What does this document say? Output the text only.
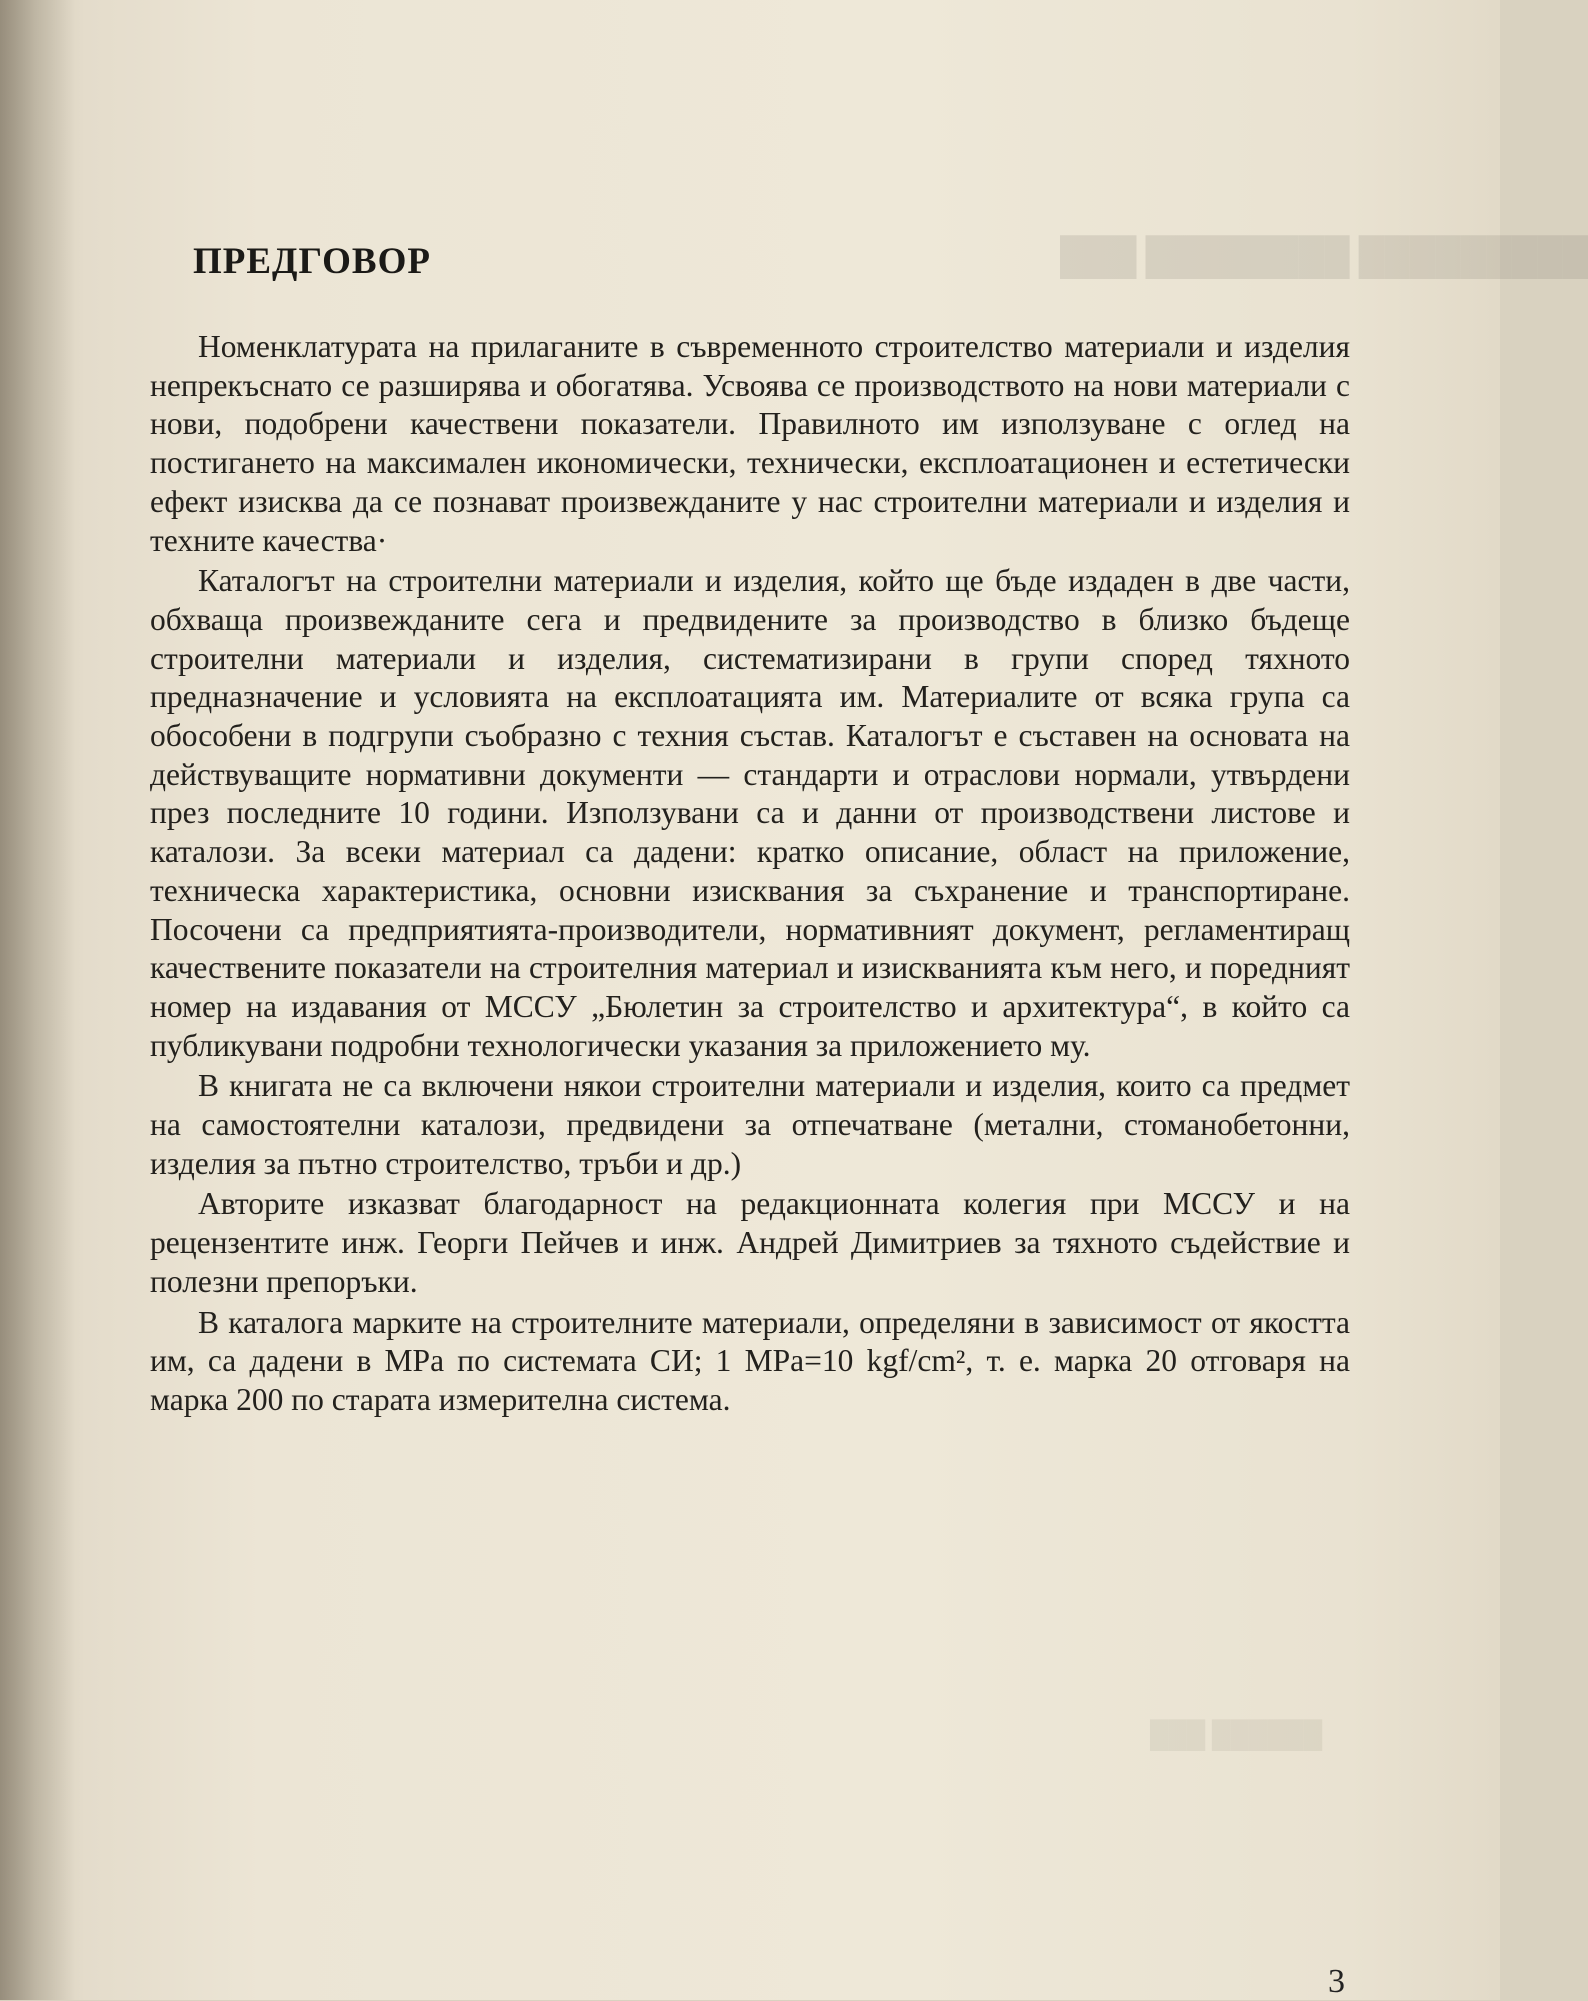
█████████ ████████ ███
██████ ███
ПРЕДГОВОР

Номенклатурата на прилаганите в съвременното строителство материали и изделия непрекъснато се разширява и обогатява. Усвоява се производството на нови материали с нови, подобрени качествени показатели. Правилното им използуване с оглед на постигането на максимален икономически, технически, експлоатационен и естетически ефект изисква да се познават произвежданите у нас строителни материали и изделия и техните качества·

Каталогът на строителни материали и изделия, който ще бъде издаден в две части, обхваща произвежданите сега и предвидените за производство в близко бъдеще строителни материали и изделия, систематизирани в групи според тяхното предназначение и условията на експлоатацията им. Материалите от всяка група са обособени в подгрупи съобразно с техния състав. Каталогът е съставен на основата на действуващите нормативни документи — стандарти и отраслови нормали, утвърдени през последните 10 години. Използувани са и данни от производствени листове и каталози. За всеки материал са дадени: кратко описание, област на приложение, техническа характеристика, основни изисквания за съхранение и транспортиране. Посочени са предприятията-производители, нормативният документ, регламентиращ качествените показатели на строителния материал и изискванията към него, и поредният номер на издавания от МССУ „Бюлетин за строителство и архитектура“, в който са публикувани подробни технологически указания за приложението му.

В книгата не са включени някои строителни материали и изделия, които са предмет на самостоятелни каталози, предвидени за отпечатване (метални, стоманобетонни, изделия за пътно строителство, тръби и др.)

Авторите изказват благодарност на редакционната колегия при МССУ и на рецензентите инж. Георги Пейчев и инж. Андрей Димитриев за тяхното съдействие и полезни препоръки.

В каталога марките на строителните материали, определяни в зависимост от якостта им, са дадени в MPa по системата СИ; 1 MPa=10 kgf/cm², т. е. марка 20 отговаря на марка 200 по старата измерителна система.

3
